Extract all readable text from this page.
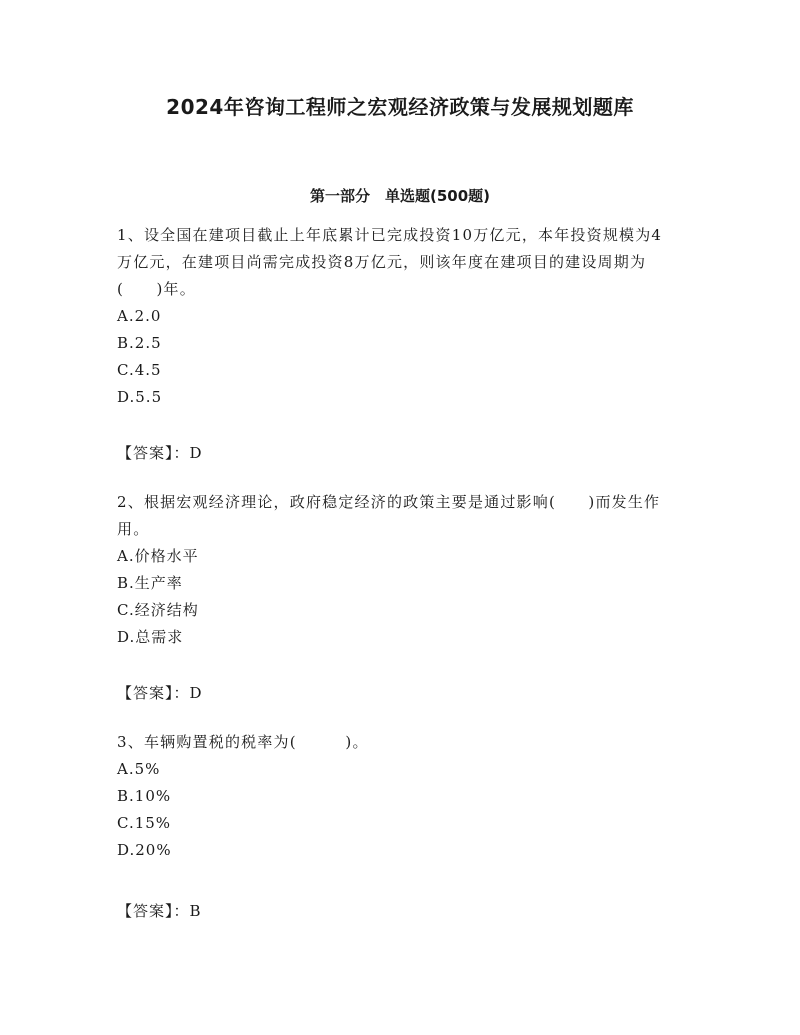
2024年咨询工程师之宏观经济政策与发展规划题库
第一部分　单选题(500题)

1、设全国在建项目截止上年底累计已完成投资10万亿元，本年投资规模为4万亿元，在建项目尚需完成投资8万亿元，则该年度在建项目的建设周期为(　　)年。

A.2.0

B.2.5

C.4.5

D.5.5

【答案】：D

2、根据宏观经济理论，政府稳定经济的政策主要是通过影响(　　)而发生作用。

A.价格水平

B.生产率

C.经济结构

D.总需求

【答案】：D

3、车辆购置税的税率为(　　　)。

A.5%

B.10%

C.15%

D.20%

【答案】：B
